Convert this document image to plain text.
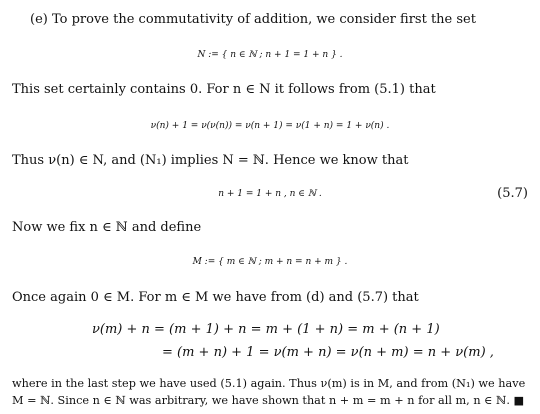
(e) To prove the commutativity of addition, we consider first the set
N := { n ∈ ℕ ; n + 1 = 1 + n } .
This set certainly contains 0. For n ∈ N it follows from (5.1) that
ν(n) + 1 = ν(ν(n)) = ν(n + 1) = ν(1 + n) = 1 + ν(n) .
Thus ν(n) ∈ N, and (N₁) implies N = ℕ. Hence we know that
n + 1 = 1 + n , n ∈ ℕ .	(5.7)
Now we fix n ∈ ℕ and define
M := { m ∈ ℕ ; m + n = n + m } .
Once again 0 ∈ M. For m ∈ M we have from (d) and (5.7) that
ν(m) + n = (m + 1) + n = m + (1 + n) = m + (n + 1)
= (m + n) + 1 = ν(m + n) = ν(n + m) = n + ν(m) ,
where in the last step we have used (5.1) again. Thus ν(m) is in M, and from (N₁) we have
M = ℕ. Since n ∈ ℕ was arbitrary, we have shown that n + m = m + n for all m, n ∈ ℕ. ■
